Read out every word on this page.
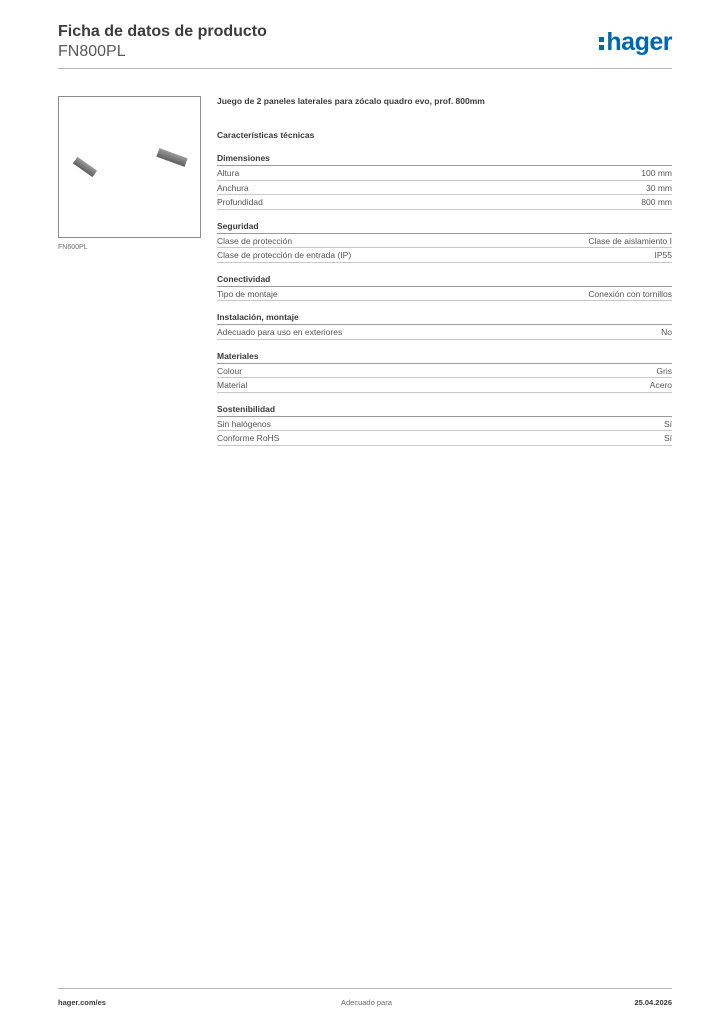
Ficha de datos de producto
FN800PL	hager
FN600PL
Juego de 2 paneles laterales para zócalo quadro evo, prof. 800mm
Características técnicas
Dimensiones
Altura	100 mm
Anchura	30 mm
Profundidad	800 mm
Seguridad
Clase de protección	Clase de aislamiento I
Clase de protección de entrada (IP)	IP55
Conectividad
Tipo de montaje	Conexión con tornillos
Instalación, montaje
Adecuado para uso en exteriores	No
Materiales
Colour	Gris
Material	Acero
Sostenibilidad
Sin halógenos	Sí
Conforme RoHS	Sí
hager.com/es	Adecuado para	25.04.2026
